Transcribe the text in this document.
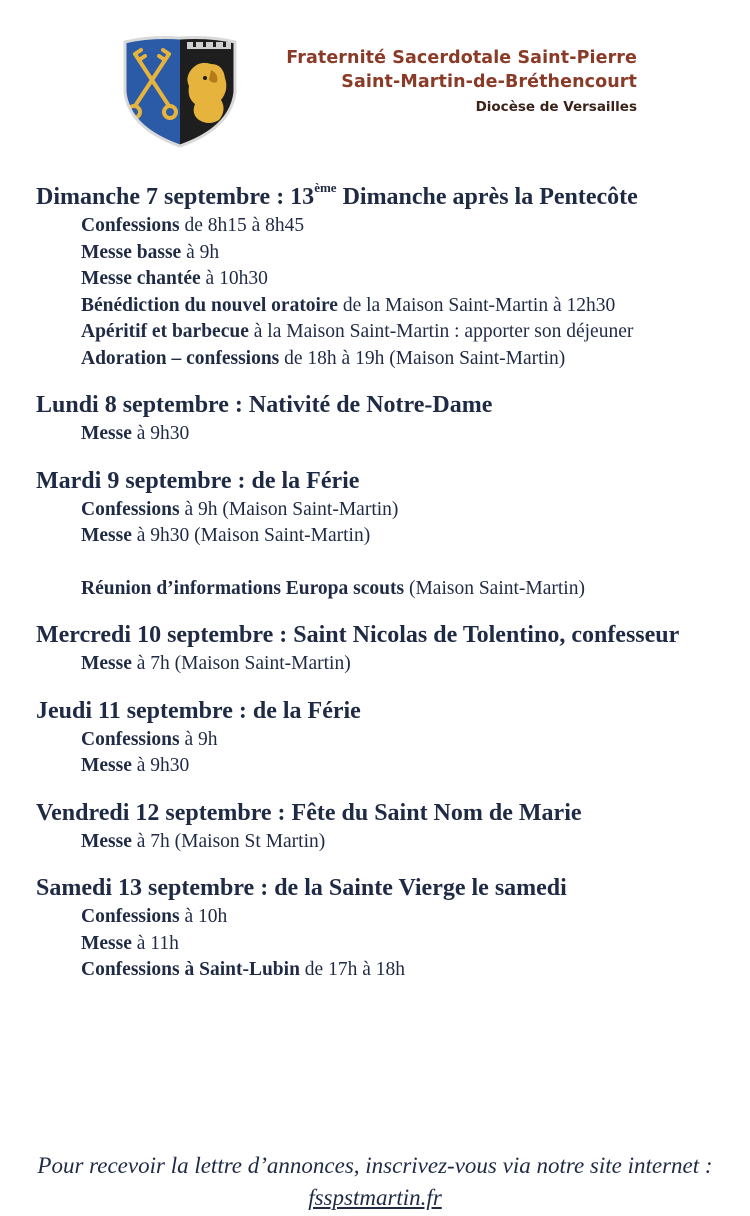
Fraternité Sacerdotale Saint-Pierre
Saint-Martin-de-Bréthencourt
Diocèse de Versailles
Dimanche 7 septembre : 13ème Dimanche après la Pentecôte
Confessions de 8h15 à 8h45
Messe basse à 9h
Messe chantée à 10h30
Bénédiction du nouvel oratoire de la Maison Saint-Martin à 12h30
Apéritif et barbecue à la Maison Saint-Martin : apporter son déjeuner
Adoration – confessions de 18h à 19h (Maison Saint-Martin)
Lundi 8 septembre : Nativité de Notre-Dame
Messe à 9h30
Mardi 9 septembre : de la Férie
Confessions à 9h (Maison Saint-Martin)
Messe à 9h30 (Maison Saint-Martin)
Réunion d’informations Europa scouts (Maison Saint-Martin)
Mercredi 10 septembre : Saint Nicolas de Tolentino, confesseur
Messe à 7h (Maison Saint-Martin)
Jeudi 11 septembre : de la Férie
Confessions à 9h
Messe à 9h30
Vendredi 12 septembre : Fête du Saint Nom de Marie
Messe à 7h (Maison St Martin)
Samedi 13 septembre : de la Sainte Vierge le samedi
Confessions à 10h
Messe à 11h
Confessions à Saint-Lubin de 17h à 18h
Pour recevoir la lettre d’annonces, inscrivez-vous via notre site internet : fsspstmartin.fr
